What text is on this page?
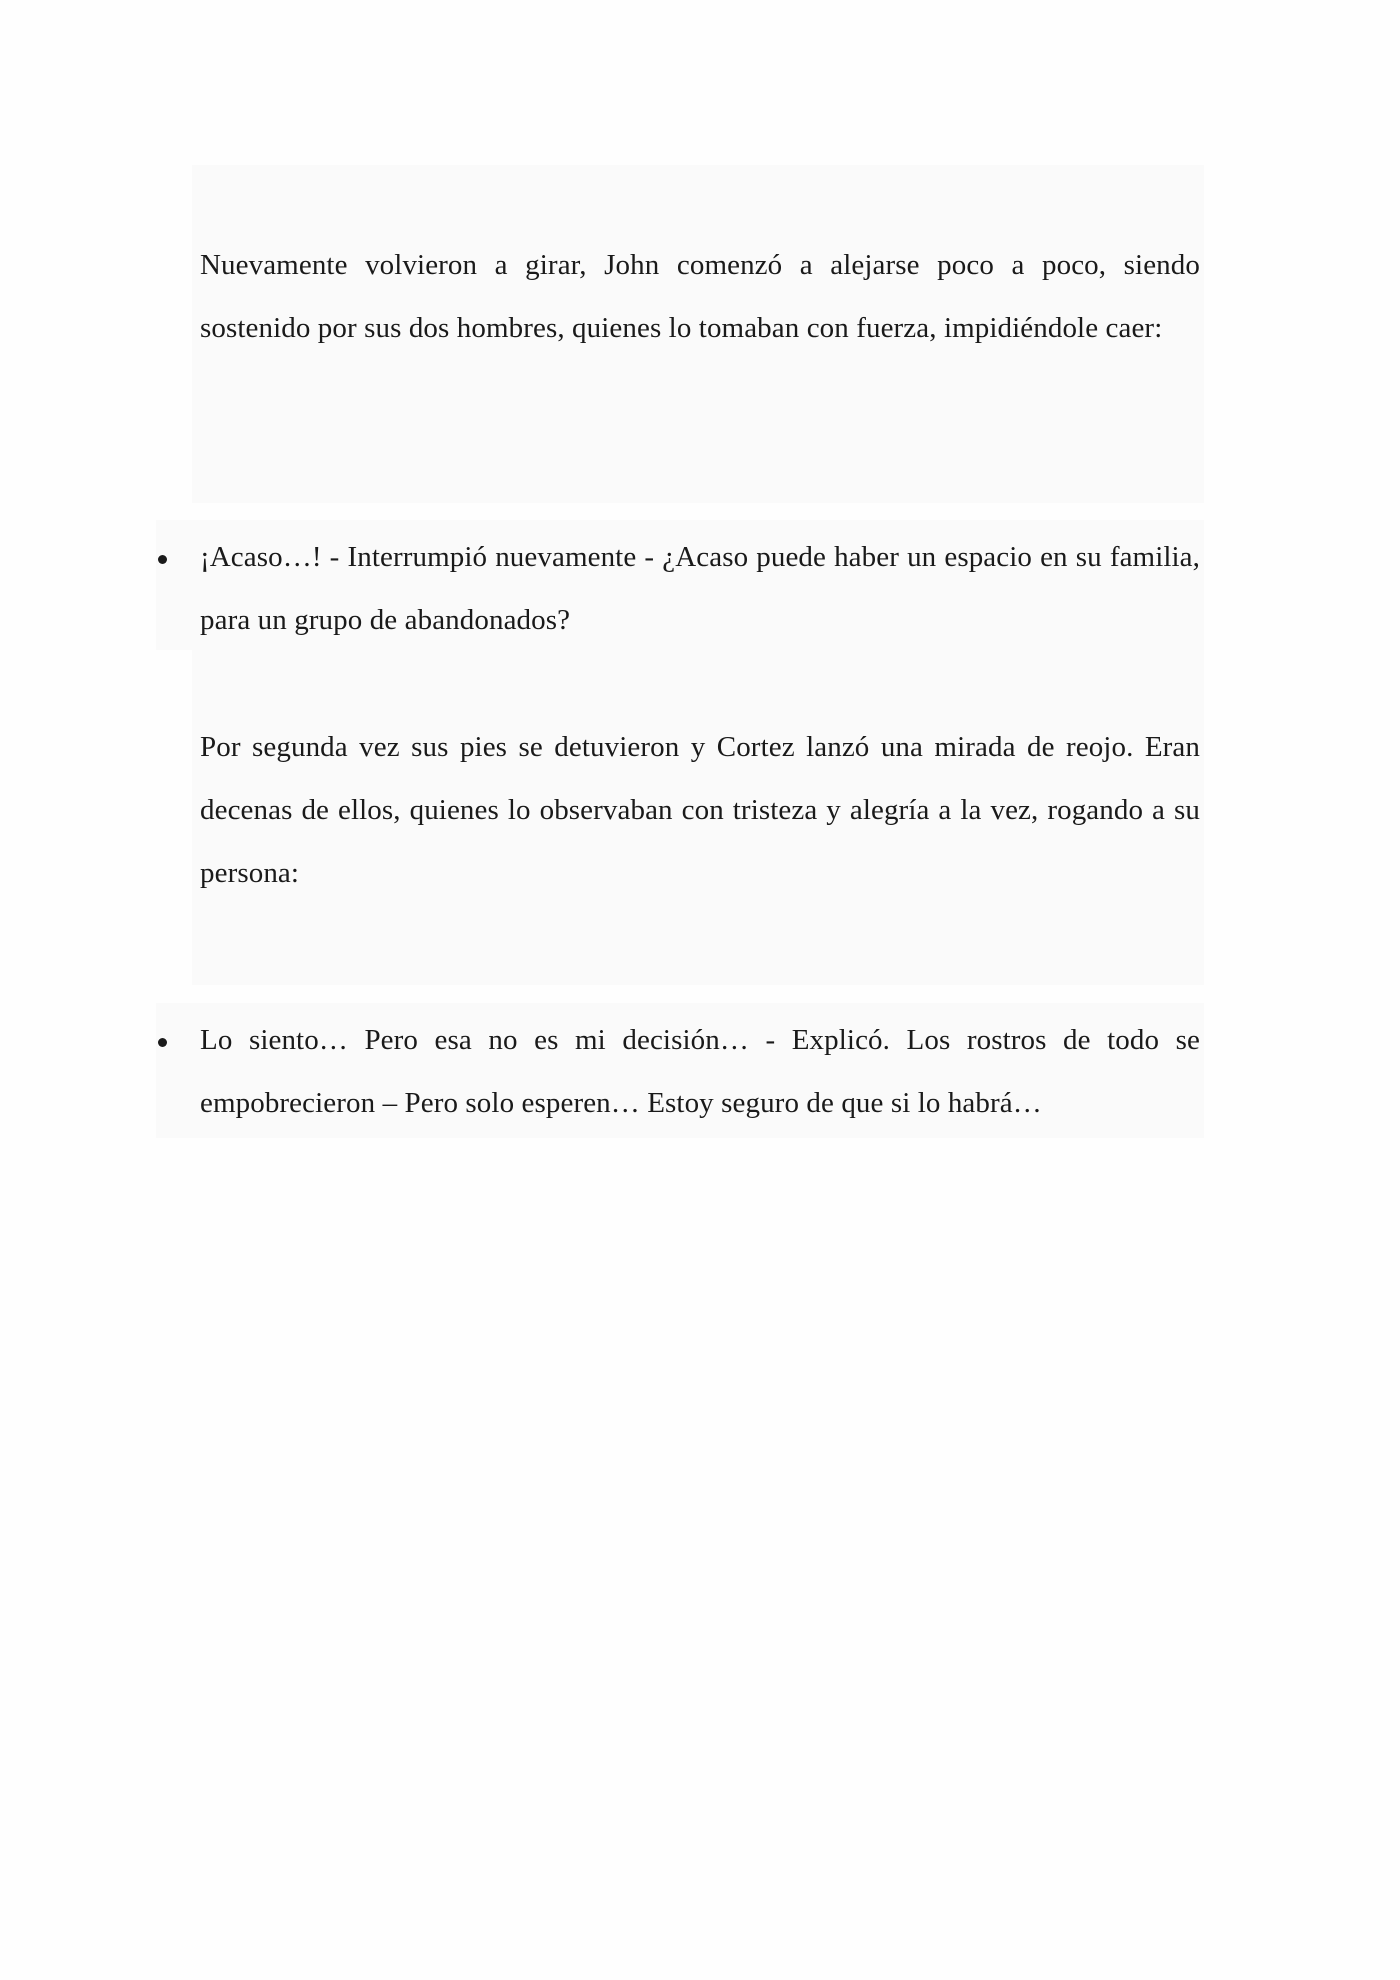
Nuevamente volvieron a girar, John comenzó a alejarse poco a poco, siendo sostenido por sus dos hombres, quienes lo tomaban con fuerza, impidiéndole caer:
¡Acaso…! - Interrumpió nuevamente - ¿Acaso puede haber un espacio en su familia, para un grupo de abandonados?
Por segunda vez sus pies se detuvieron y Cortez lanzó una mirada de reojo. Eran decenas de ellos, quienes lo observaban con tristeza y alegría a la vez, rogando a su persona:
Lo siento… Pero esa no es mi decisión… - Explicó. Los rostros de todo se empobrecieron – Pero solo esperen… Estoy seguro de que si lo habrá…
